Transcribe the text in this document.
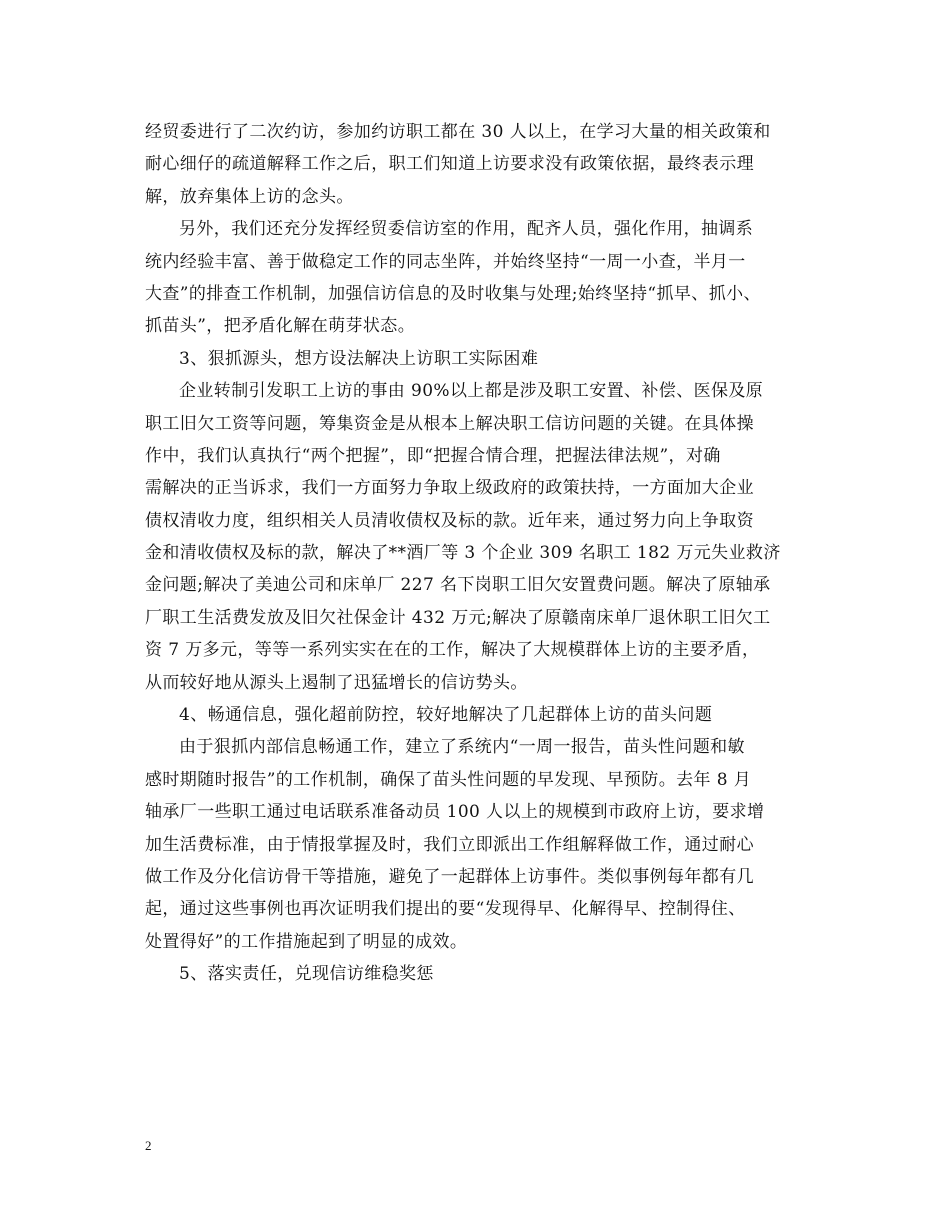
经贸委进行了二次约访，参加约访职工都在 30 人以上，在学习大量的相关政策和
耐心细仔的疏道解释工作之后，职工们知道上访要求没有政策依据，最终表示理
解，放弃集体上访的念头。
另外，我们还充分发挥经贸委信访室的作用，配齐人员，强化作用，抽调系
统内经验丰富、善于做稳定工作的同志坐阵，并始终坚持“一周一小查，半月一
大查”的排查工作机制，加强信访信息的及时收集与处理;始终坚持“抓早、抓小、
抓苗头”，把矛盾化解在萌芽状态。
3、狠抓源头，想方设法解决上访职工实际困难
企业转制引发职工上访的事由 90%以上都是涉及职工安置、补偿、医保及原
职工旧欠工资等问题，筹集资金是从根本上解决职工信访问题的关键。在具体操
作中，我们认真执行“两个把握”，即“把握合情合理，把握法律法规”，对确
需解决的正当诉求，我们一方面努力争取上级政府的政策扶持，一方面加大企业
债权清收力度，组织相关人员清收债权及标的款。近年来，通过努力向上争取资
金和清收债权及标的款，解决了**酒厂等 3 个企业 309 名职工 182 万元失业救济
金问题;解决了美迪公司和床单厂 227 名下岗职工旧欠安置费问题。解决了原轴承
厂职工生活费发放及旧欠社保金计 432 万元;解决了原赣南床单厂退休职工旧欠工
资 7 万多元，等等一系列实实在在的工作，解决了大规模群体上访的主要矛盾，
从而较好地从源头上遏制了迅猛增长的信访势头。
4、畅通信息，强化超前防控，较好地解决了几起群体上访的苗头问题
由于狠抓内部信息畅通工作，建立了系统内“一周一报告，苗头性问题和敏
感时期随时报告”的工作机制，确保了苗头性问题的早发现、早预防。去年 8 月
轴承厂一些职工通过电话联系准备动员 100 人以上的规模到市政府上访，要求增
加生活费标准，由于情报掌握及时，我们立即派出工作组解释做工作，通过耐心
做工作及分化信访骨干等措施，避免了一起群体上访事件。类似事例每年都有几
起，通过这些事例也再次证明我们提出的要“发现得早、化解得早、控制得住、
处置得好”的工作措施起到了明显的成效。
5、落实责任，兑现信访维稳奖惩
2
